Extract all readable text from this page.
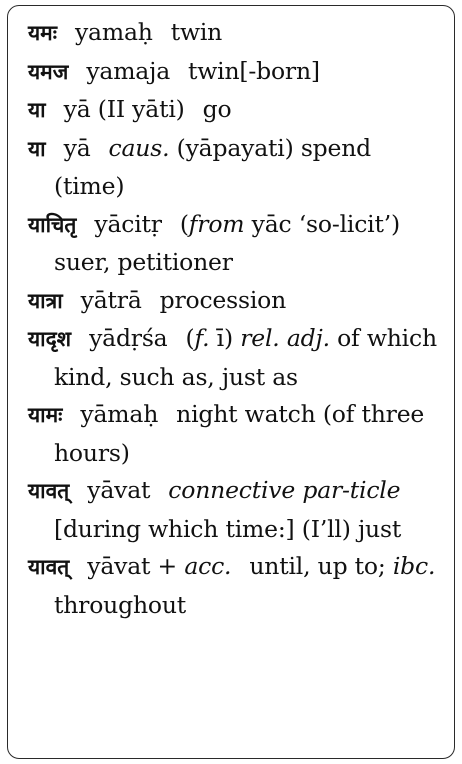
यमः yamaḥ twin
यमज yamaja twin[-born]
या yā (II yāti) go
या yā caus. (yāpayati) spend (time)
याचितृ yācitṛ (from yāc ‘so-licit’) suer, petitioner
यात्रा yātrā procession
यादृश yādṛśa (f. ī) rel. adj. of which kind, such as, just as
यामः yāmaḥ night watch (of three hours)
यावत् yāvat connective par-ticle [during which time:] (I’ll) just
यावत् yāvat + acc. until, up to; ibc. throughout
